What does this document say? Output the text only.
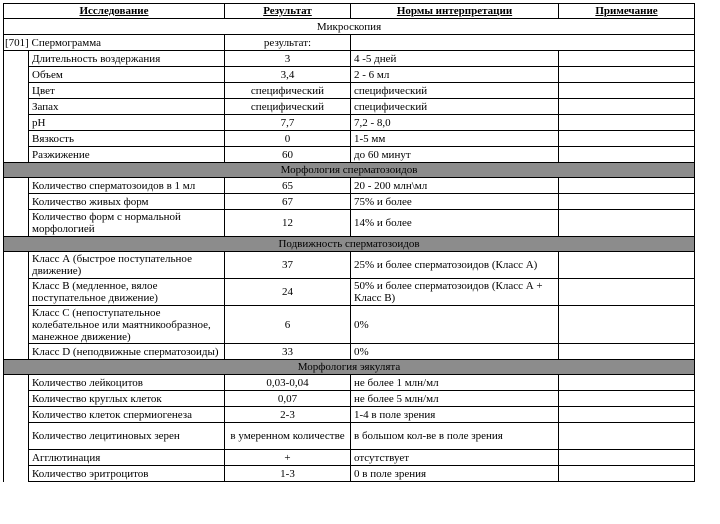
Исследование		Результат	Нормы интерпретации	Примечание
Микроскопия				
[701]	Спермограмма	результат:		
	Длительность воздержания	3	4 -5 дней	
	Объем	3,4	2 - 6 мл	
	Цвет	специфический	специфический	
	Запах	специфический	специфический	
	pH	7,7	7,2 - 8,0	
	Вязкость	0	1-5 мм	
	Разжижение	60	до 60 минут	
Морфология сперматозоидов				
	Количество сперматозоидов в 1 мл	65	20 - 200 млн\мл	
	Количество живых форм	67	75% и более	
	Количество форм с нормальной морфологией	12	14% и более	
Подвижность сперматозоидов				
	Класс А (быстрое поступательное движение)	37	25% и более сперматозоидов (Класс А)	
	Класс В (медленное, вялое поступательное движение)	24	50% и более сперматозоидов (Класс А + Класс В)	
	Класс С (непоступательное колебательное или маятникообразное, манежное движение)	6	0%	
	Класс D (неподвижные сперматозоиды)	33	0%	
Морфология эякулята				
	Количество лейкоцитов	0,03-0,04	не более 1 млн/мл	
	Количество круглых клеток	0,07	не более 5 млн/мл	
	Количество клеток спермиогенеза	2-3	1-4 в поле зрения	
	Количество лецитиновых зерен	в умеренном количестве	в большом кол-ве в поле зрения	
	Агглютинация	+	отсутствует	
	Количество эритроцитов	1-3	0 в поле зрения	
